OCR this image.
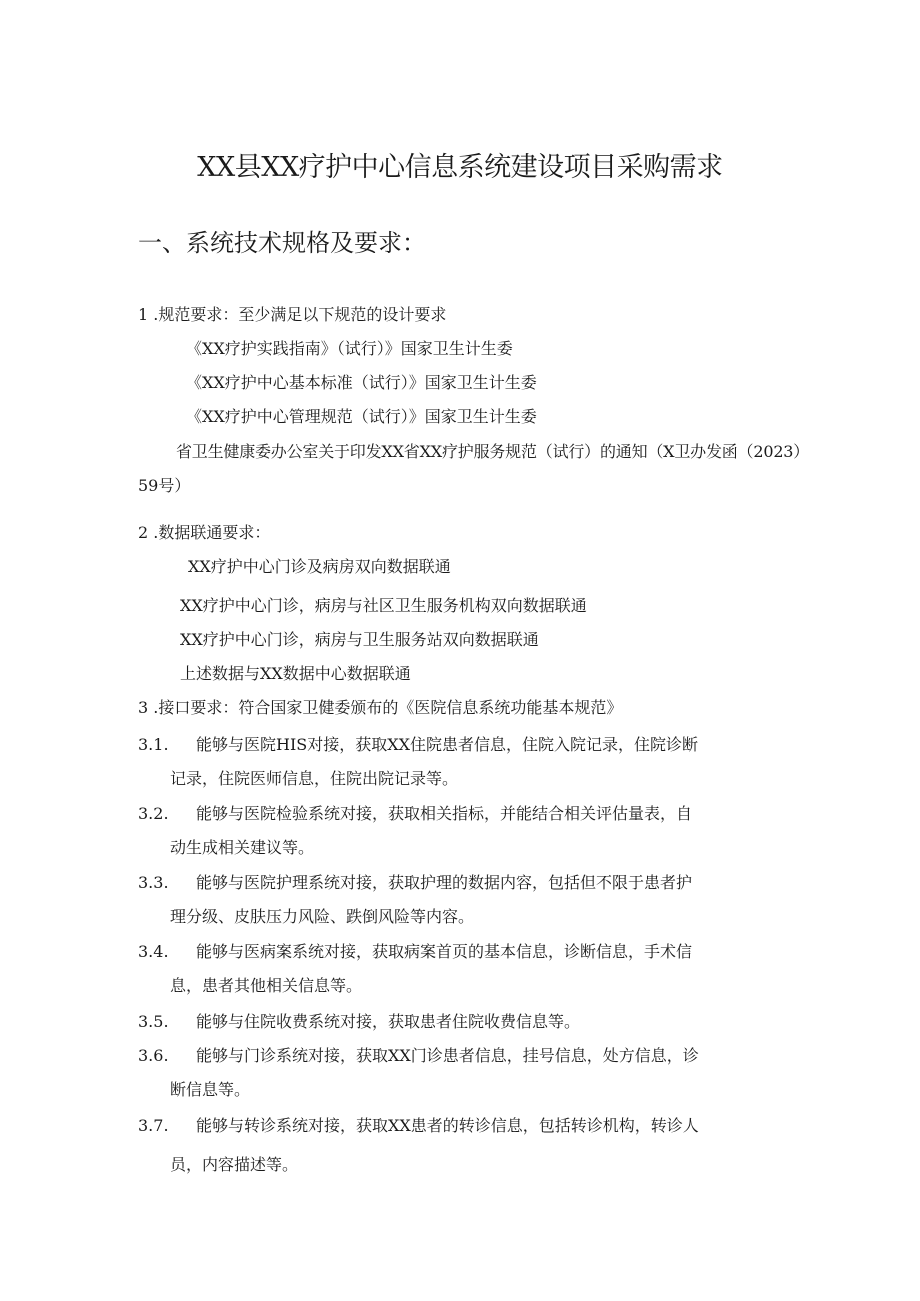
XX县XX疗护中心信息系统建设项目采购需求
一、系统技术规格及要求：
1 .规范要求：至少满足以下规范的设计要求
《XX疗护实践指南》（试行）》国家卫生计生委
《XX疗护中心基本标准（试行）》国家卫生计生委
《XX疗护中心管理规范（试行）》国家卫生计生委
省卫生健康委办公室关于印发XX省XX疗护服务规范（试行）的通知（X卫办发函（2023）
59号）
2 .数据联通要求：
XX疗护中心门诊及病房双向数据联通
XX疗护中心门诊，病房与社区卫生服务机构双向数据联通
XX疗护中心门诊，病房与卫生服务站双向数据联通
上述数据与XX数据中心数据联通
3 .接口要求：符合国家卫健委颁布的《医院信息系统功能基本规范》
3.1. 能够与医院HIS对接，获取XX住院患者信息，住院入院记录，住院诊断
记录，住院医师信息，住院出院记录等。
3.2. 能够与医院检验系统对接，获取相关指标，并能结合相关评估量表，自
动生成相关建议等。
3.3. 能够与医院护理系统对接，获取护理的数据内容，包括但不限于患者护
理分级、皮肤压力风险、跌倒风险等内容。
3.4. 能够与医病案系统对接，获取病案首页的基本信息，诊断信息，手术信
息，患者其他相关信息等。
3.5. 能够与住院收费系统对接，获取患者住院收费信息等。
3.6. 能够与门诊系统对接，获取XX门诊患者信息，挂号信息，处方信息，诊
断信息等。
3.7. 能够与转诊系统对接，获取XX患者的转诊信息，包括转诊机构，转诊人
员，内容描述等。
